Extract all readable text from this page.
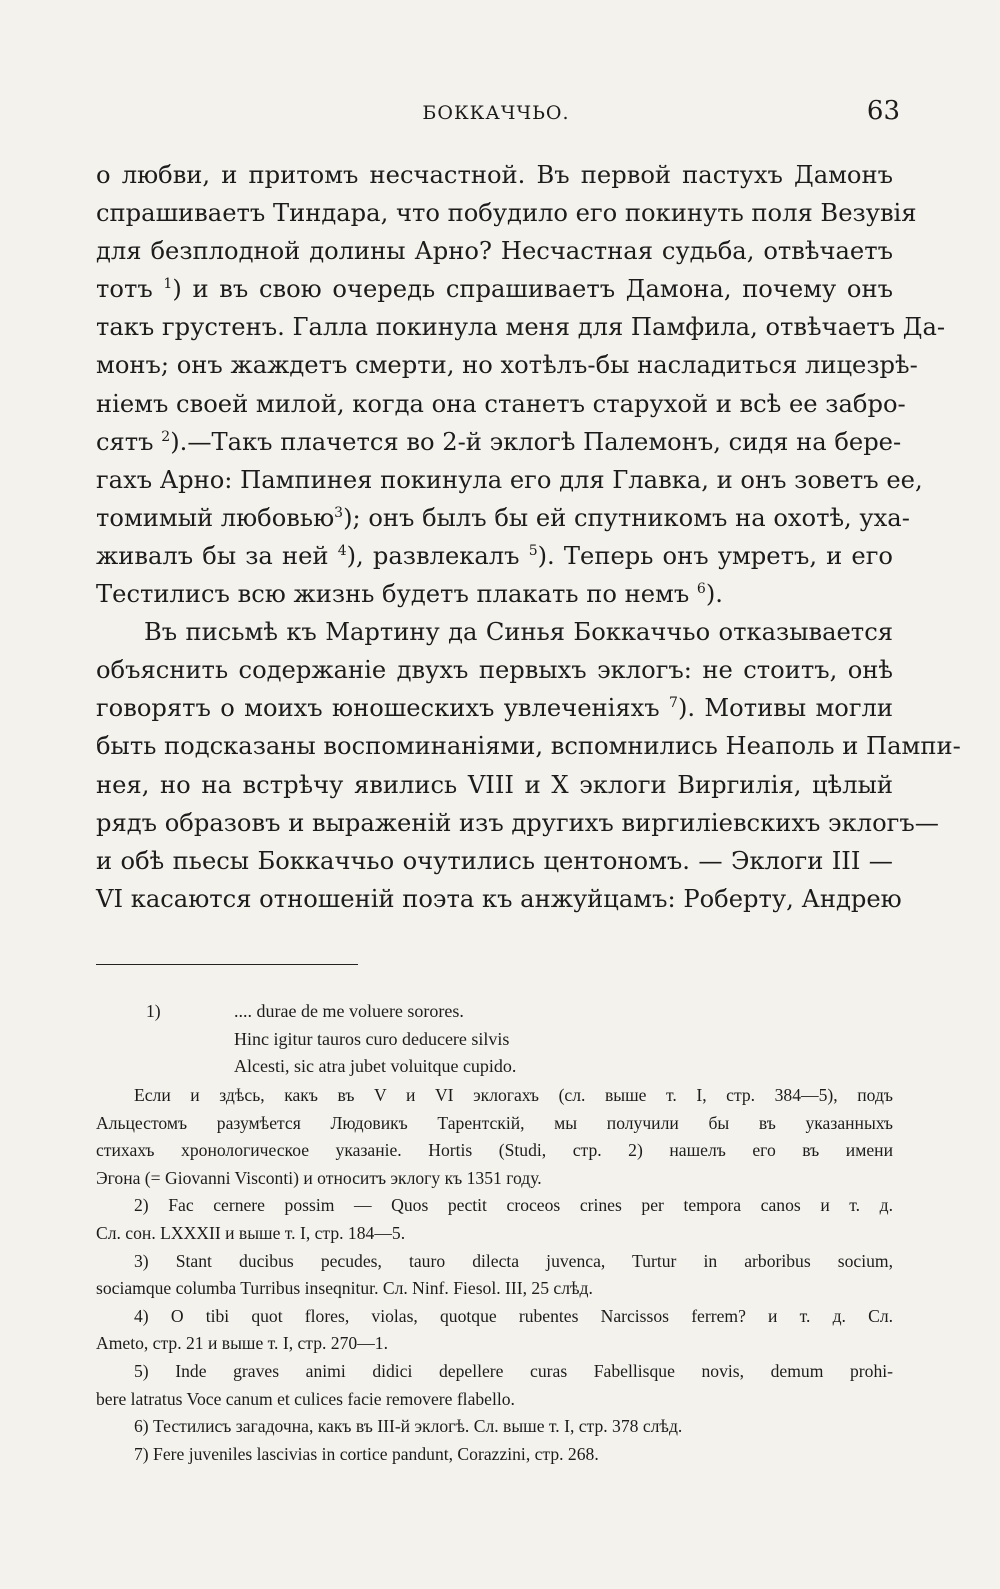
БОККАЧЧЬО.	63

о любви, и притомъ несчастной. Въ первой пастухъ Дамонъ
спрашиваетъ Тиндара, что побудило его покинуть поля Везувія
для безплодной долины Арно? Несчастная судьба, отвѣчаетъ
тотъ $^1$) и въ свою очередь спрашиваетъ Дамона, почему онъ
такъ грустенъ. Галла покинула меня для Памфила, отвѣчаетъ Да-
монъ; онъ жаждетъ смерти, но хотѣлъ-бы насладиться лицезрѣ-
ніемъ своей милой, когда она станетъ старухой и всѣ ее забро-
сятъ $^2$).—Такъ плачется во 2-й эклогѣ Палемонъ, сидя на бере-
гахъ Арно: Пампинея покинула его для Главка, и онъ зоветъ ее,
томимый любовью$^3$); онъ былъ бы ей спутникомъ на охотѣ, уха-
живалъ бы за ней $^4$), развлекалъ $^5$). Теперь онъ умретъ, и его
Тестилисъ всю жизнь будетъ плакать по немъ $^6$).

Въ письмѣ къ Мартину да Синья Боккаччьо отказывается
объяснить содержаніе двухъ первыхъ эклогъ: не стоитъ, онѣ
говорятъ о моихъ юношескихъ увлеченіяхъ $^7$). Мотивы могли
быть подсказаны воспоминаніями, вспомнились Неаполь и Пампи-
нея, но на встрѣчу явились VIII и X эклоги Виргилія, цѣлый
рядъ образовъ и выраженій изъ другихъ виргиліевскихъ эклогъ—
и обѣ пьесы Боккаччьо очутились центономъ. — Эклоги III —
VI касаются отношеній поэта къ анжуйцамъ: Роберту, Андрею

1)	.... durae de me voluere sorores.
Hinc igitur tauros curo deducere silvis
Alcesti, sic atra jubet voluitque cupido.

Если и здѣсь, какъ въ V и VI эклогахъ (сл. выше т. I, стр. 384—5), подъ
Альцестомъ разумѣется Людовикъ Тарентскій, мы получили бы въ указанныхъ
стихахъ хронологическое указаніе. Hortis (Studi, стр. 2) нашелъ его въ имени
Эгона (= Giovanni Visconti) и относитъ эклогу къ 1351 году.

2) Fac cernere possim — Quos pectit croceos crines per tempora canos и т. д.
Сл. сон. LXXXII и выше т. I, стр. 184—5.

3) Stant ducibus pecudes, tauro dilecta juvenca, Turtur in arboribus socium,
sociamque columba Turribus inseqnitur. Сл. Ninf. Fiesol. III, 25 слѣд.

4) O tibi quot flores, violas, quotque rubentes Narcissos ferrem? и т. д. Сл.
Ameto, стр. 21 и выше т. I, стр. 270—1.

5) Inde graves animi didici depellere curas Fabellisque novis, demum prohi-
bere latratus Voce canum et culices facie removere flabello.

6) Тестилисъ загадочна, какъ въ III-й эклогѣ. Сл. выше т. I, стр. 378 слѣд.

7) Fere juveniles lascivias in cortice pandunt, Corazzini, стр. 268.
